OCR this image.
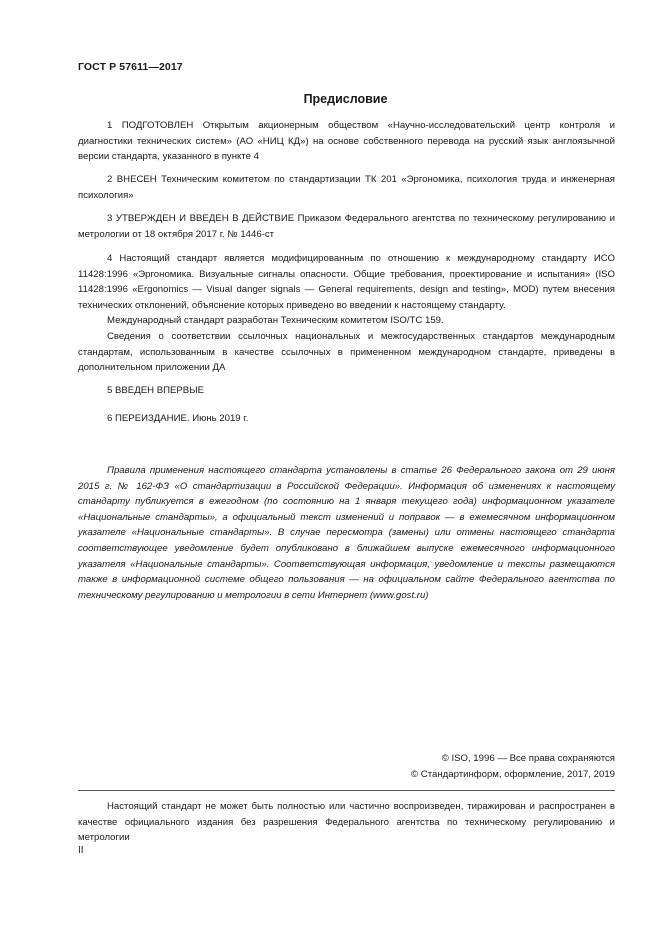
ГОСТ Р 57611—2017
Предисловие

1 ПОДГОТОВЛЕН Открытым акционерным обществом «Научно-исследовательский центр контроля и диагностики технических систем» (АО «НИЦ КД») на основе собственного перевода на русский язык англоязычной версии стандарта, указанного в пункте 4

2 ВНЕСЕН Техническим комитетом по стандартизации ТК 201 «Эргономика, психология труда и инженерная психология»

3 УТВЕРЖДЕН И ВВЕДЕН В ДЕЙСТВИЕ Приказом Федерального агентства по техническому регулированию и метрологии от 18 октября 2017 г. № 1446-ст

4 Настоящий стандарт является модифицированным по отношению к международному стандарту ИСО 11428:1996 «Эргономика. Визуальные сигналы опасности. Общие требования, проектирование и испытания» (ISO 11428:1996 «Ergonomics — Visual danger signals — General requirements, design and testing», MOD) путем внесения технических отклонений, объяснение которых приведено во введении к настоящему стандарту.

Международный стандарт разработан Техническим комитетом ISO/TC 159.

Сведения о соответствии ссылочных национальных и межгосударственных стандартов международным стандартам, использованным в качестве ссылочных в примененном международном стандарте, приведены в дополнительном приложении ДА

5 ВВЕДЕН ВПЕРВЫЕ

6 ПЕРЕИЗДАНИЕ. Июнь 2019 г.

Правила применения настоящего стандарта установлены в статье 26 Федерального закона от 29 июня 2015 г. № 162-ФЗ «О стандартизации в Российской Федерации». Информация об изменениях к настоящему стандарту публикуется в ежегодном (по состоянию на 1 января текущего года) информационном указателе «Национальные стандарты», а официальный текст изменений и поправок — в ежемесячном информационном указателе «Национальные стандарты». В случае пересмотра (замены) или отмены настоящего стандарта соответствующее уведомление будет опубликовано в ближайшем выпуске ежемесячного информационного указателя «Национальные стандарты». Соответствующая информация, уведомление и тексты размещаются также в информационной системе общего пользования — на официальном сайте Федерального агентства по техническому регулированию и метрологии в сети Интернет (www.gost.ru)

© ISO, 1996 — Все права сохраняются
© Стандартинформ, оформление, 2017, 2019

Настоящий стандарт не может быть полностью или частично воспроизведен, тиражирован и распространен в качестве официального издания без разрешения Федерального агентства по техническому регулированию и метрологии

II
